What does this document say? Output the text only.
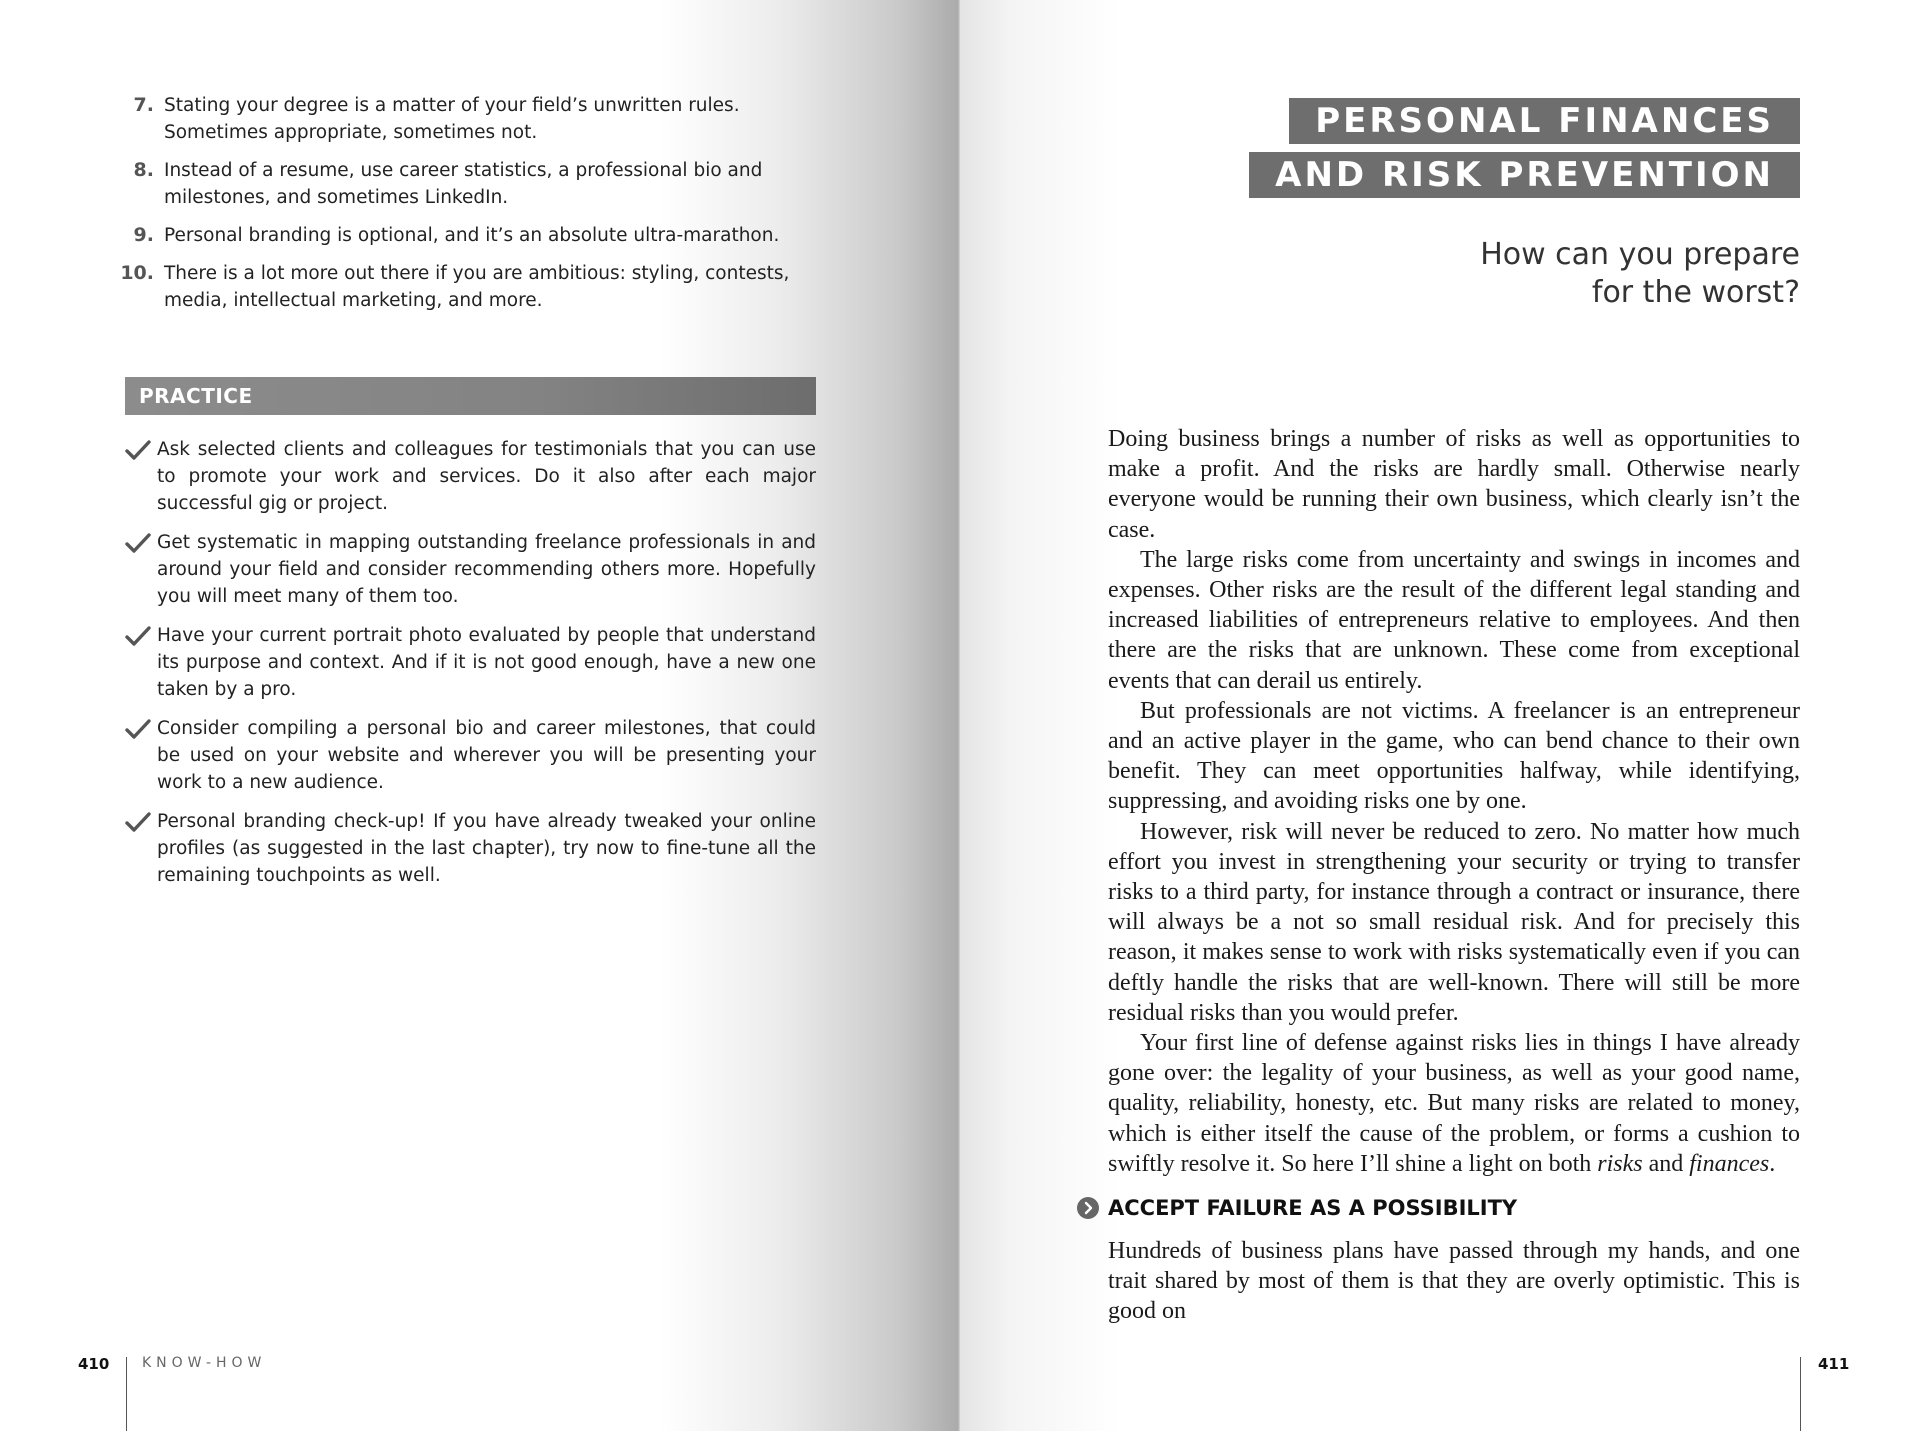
7. Stating your degree is a matter of your field’s unwritten rules. Sometimes appropriate, sometimes not.
8. Instead of a resume, use career statistics, a professional bio and milestones, and sometimes LinkedIn.
9. Personal branding is optional, and it’s an absolute ultra-marathon.
10. There is a lot more out there if you are ambitious: styling, contests, media, intellectual marketing, and more.
PRACTICE
Ask selected clients and colleagues for testimonials that you can use to promote your work and services. Do it also after each major successful gig or project.
Get systematic in mapping outstanding freelance professionals in and around your field and consider recommending others more. Hopefully you will meet many of them too.
Have your current portrait photo evaluated by people that understand its purpose and context. And if it is not good enough, have a new one taken by a pro.
Consider compiling a personal bio and career milestones, that could be used on your website and wherever you will be presenting your work to a new audience.
Personal branding check-up! If you have already tweaked your online profiles (as suggested in the last chapter), try now to fine-tune all the remaining touchpoints as well.
410 KNOW-HOW
PERSONAL FINANCES
AND RISK PREVENTION
How can you prepare
for the worst?

Doing business brings a number of risks as well as opportunities to make a profit. And the risks are hardly small. Otherwise nearly everyone would be running their own business, which clearly isn’t the case.

The large risks come from uncertainty and swings in incomes and expenses. Other risks are the result of the different legal standing and increased liabilities of entrepreneurs relative to employees. And then there are the risks that are unknown. These come from exceptional events that can derail us entirely.

But professionals are not victims. A freelancer is an entrepreneur and an active player in the game, who can bend chance to their own benefit. They can meet opportunities halfway, while identifying, suppressing, and avoiding risks one by one.

However, risk will never be reduced to zero. No matter how much effort you invest in strengthening your security or trying to transfer risks to a third party, for instance through a contract or insurance, there will always be a not so small residual risk. And for precisely this reason, it makes sense to work with risks systematically even if you can deftly handle the risks that are well-known. There will still be more residual risks than you would prefer.

Your first line of defense against risks lies in things I have already gone over: the legality of your business, as well as your good name, quality, reliability, honesty, etc. But many risks are related to money, which is either itself the cause of the problem, or forms a cushion to swiftly resolve it. So here I’ll shine a light on both risks and finances.

ACCEPT FAILURE AS A POSSIBILITY

Hundreds of business plans have passed through my hands, and one trait shared by most of them is that they are overly optimistic. This is good on

411
